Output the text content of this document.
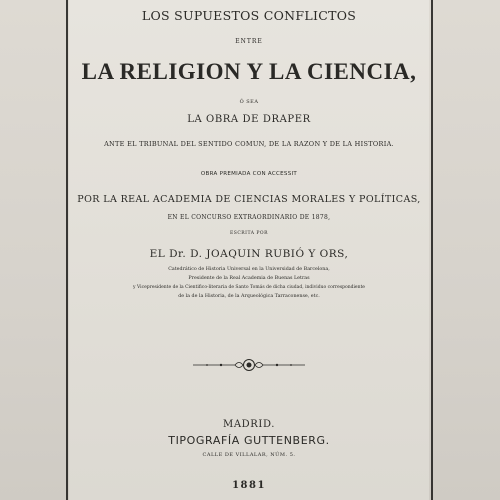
LOS SUPUESTOS CONFLICTOS
ENTRE
LA RELIGION Y LA CIENCIA,
Ó SEA
LA OBRA DE DRAPER
ANTE EL TRIBUNAL DEL SENTIDO COMUN, DE LA RAZON Y DE LA HISTORIA.
OBRA PREMIADA CON ACCESSIT
POR LA REAL ACADEMIA DE CIENCIAS MORALES Y POLÍTICAS,
EN EL CONCURSO EXTRAORDINARIO DE 1878,
ESCRITA POR
EL Dr. D. JOAQUIN RUBIÓ Y ORS,
Catedrático de Historia Universal en la Universidad de Barcelona,
Presidente de la Real Academia de Buenas Letras
y Vicepresidente de la Cientifico-literaria de Santo Tomás de dicha ciudad, individuo correspondiente
de la de la Historia, de la Arqueológica Tarraconense, etc.
MADRID.
TIPOGRAFÍA GUTTENBERG.
CALLE DE VILLALAR, NÚM. 5.
1881
